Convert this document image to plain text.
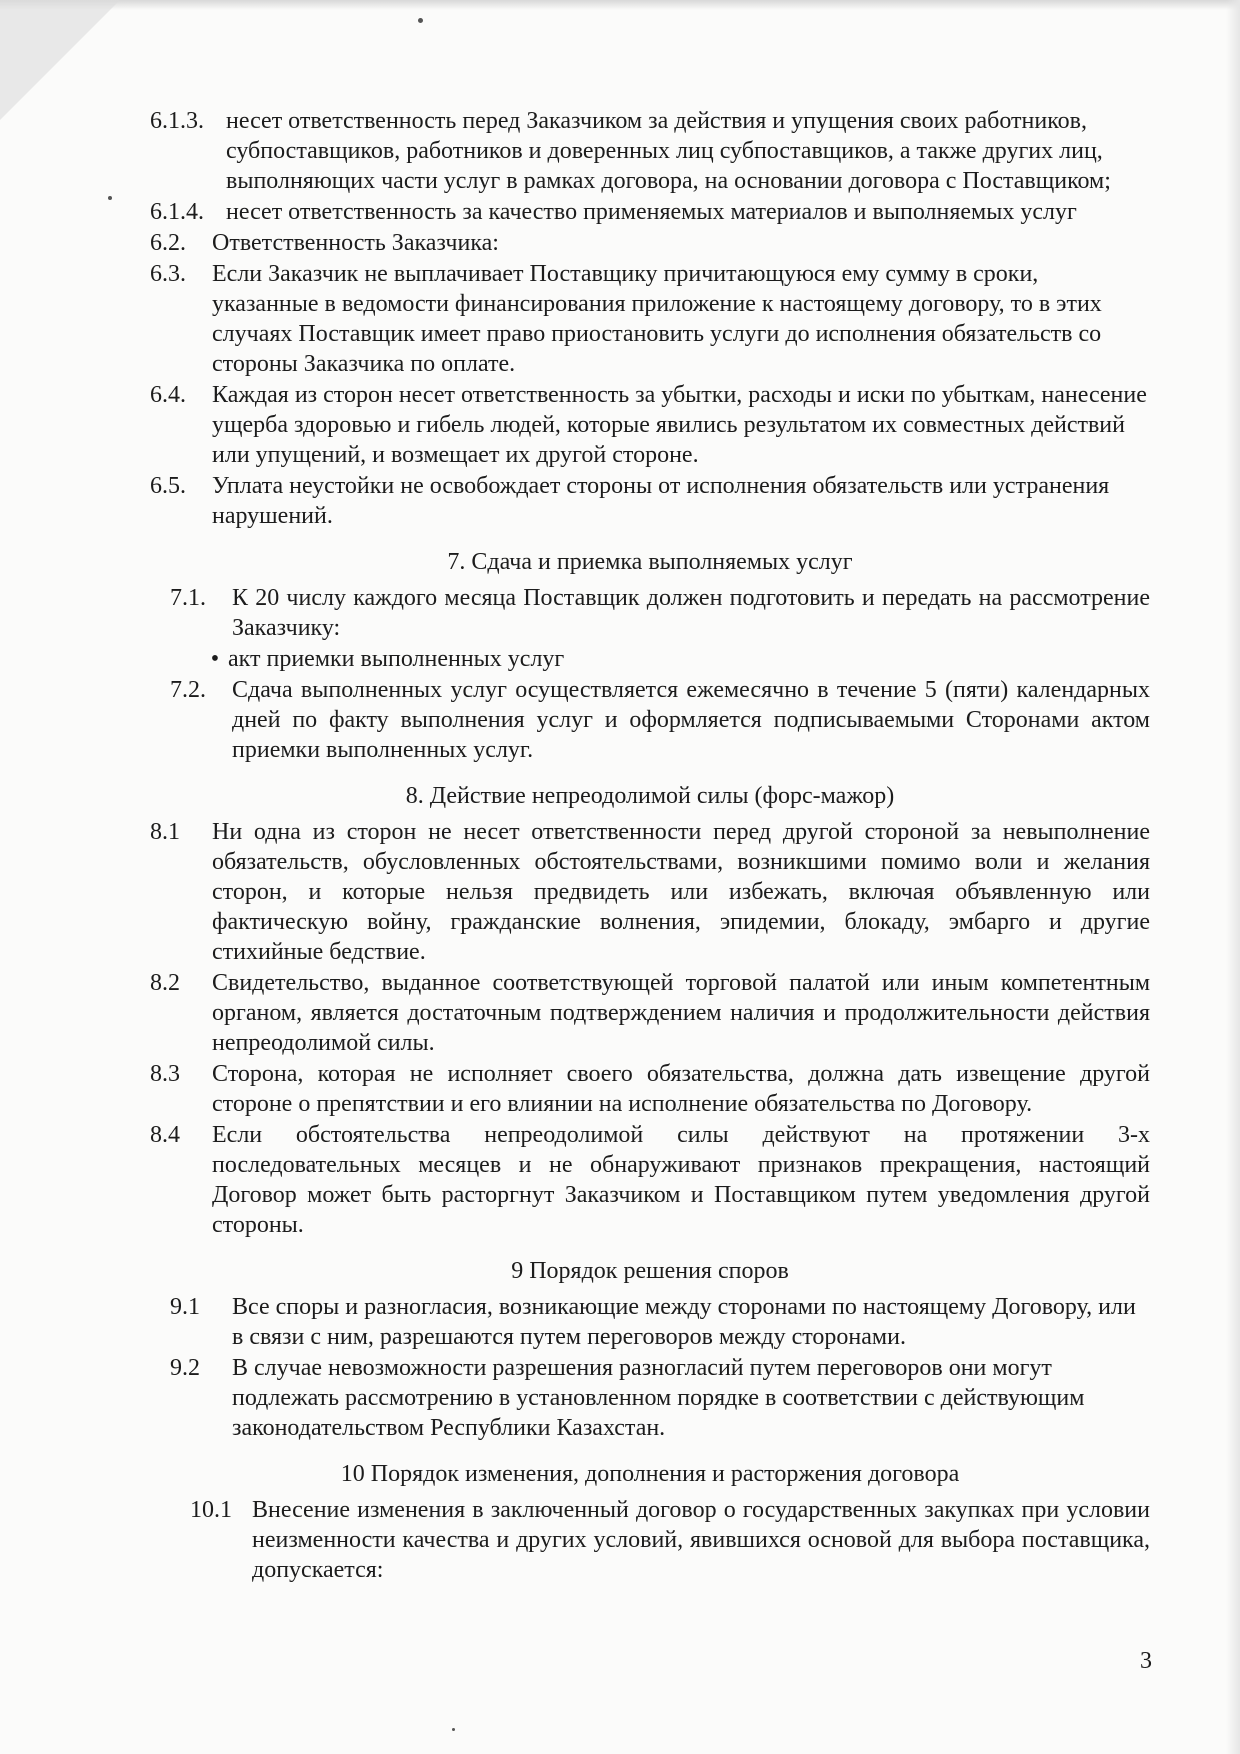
6.1.3. несет ответственность перед Заказчиком за действия и упущения своих работников, субпоставщиков, работников и доверенных лиц субпоставщиков, а также других лиц, выполняющих части услуг в рамках договора, на основании договора с Поставщиком;
6.1.4. несет ответственность за качество применяемых материалов и выполняемых услуг
6.2.	Ответственность Заказчика:
6.3.	Если Заказчик не выплачивает Поставщику причитающуюся ему сумму в сроки, указанные в ведомости финансирования приложение к настоящему договору, то в этих случаях Поставщик имеет право приостановить услуги до исполнения обязательств со стороны Заказчика по оплате.
6.4.	Каждая из сторон несет ответственность за убытки, расходы и иски по убыткам, нанесение ущерба здоровью и гибель людей, которые явились результатом их совместных действий или упущений, и возмещает их другой стороне.
6.5.	Уплата неустойки не освобождает стороны от исполнения обязательств или устранения нарушений.
7. Сдача и приемка выполняемых услуг
7.1.	К 20 числу каждого месяца Поставщик должен подготовить и передать на рассмотрение Заказчику:
• акт приемки выполненных услуг
7.2.	Сдача выполненных услуг осуществляется ежемесячно в течение 5 (пяти) календарных дней по факту выполнения услуг и оформляется подписываемыми Сторонами актом приемки выполненных услуг.
8. Действие непреодолимой силы (форс-мажор)
8.1	Ни одна из сторон не несет ответственности перед другой стороной за невыполнение обязательств, обусловленных обстоятельствами, возникшими помимо воли и желания сторон, и которые нельзя предвидеть или избежать, включая объявленную или фактическую войну, гражданские волнения, эпидемии, блокаду, эмбарго и другие стихийные бедствие.
8.2	Свидетельство, выданное соответствующей торговой палатой или иным компетентным органом, является достаточным подтверждением наличия и продолжительности действия непреодолимой силы.
8.3	Сторона, которая не исполняет своего обязательства, должна дать извещение другой стороне о препятствии и его влиянии на исполнение обязательства по Договору.
8.4	Если обстоятельства непреодолимой силы действуют на протяжении 3-х последовательных месяцев и не обнаруживают признаков прекращения, настоящий Договор может быть расторгнут Заказчиком и Поставщиком путем уведомления другой стороны.
9 Порядок решения споров
9.1	Все споры и разногласия, возникающие между сторонами по настоящему Договору, или в связи с ним, разрешаются путем переговоров между сторонами.
9.2	В случае невозможности разрешения разногласий путем переговоров они могут подлежать рассмотрению в установленном порядке в соответствии с действующим законодательством Республики Казахстан.
10 Порядок изменения, дополнения и расторжения договора
10.1 Внесение изменения в заключенный договор о государственных закупках при условии неизменности качества и других условий, явившихся основой для выбора поставщика, допускается:
3
